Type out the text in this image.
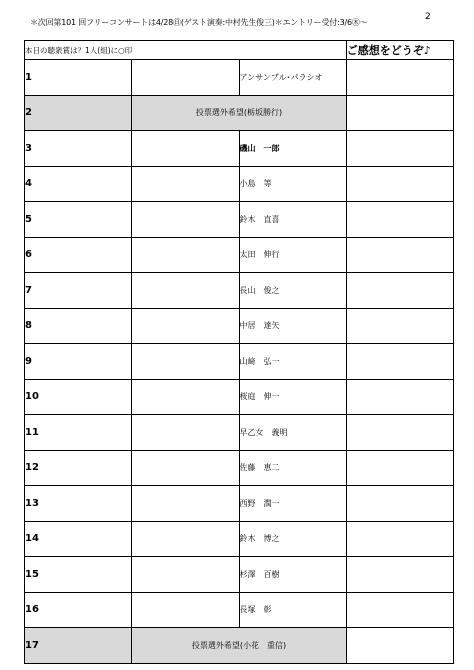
2
＊次回第101 回フリーコンサートは4/28㊐(ゲスト演奏:中村先生俊三)＊エントリー受付:3/6㊍～
本日の聴衆賞は？1人(組)に○印			ご感想をどうぞ♪
1		アンサンブル･パラシオ	
2	投票選外希望(栃坂勝行)		
3		磯山　一郎	
4		小島　等	
5		鈴木　直喜	
6		太田　伸行	
7		長山　俊之	
8		中居　達矢	
9		山﨑　弘一	
10		桜庭　伸一	
11		早乙女　義明	
12		佐藤　恵二	
13		西野　潤一	
14		鈴木　博之	
15		杉澤　百樹	
16		長塚　彰	
17	投票選外希望(小花　重信)		
